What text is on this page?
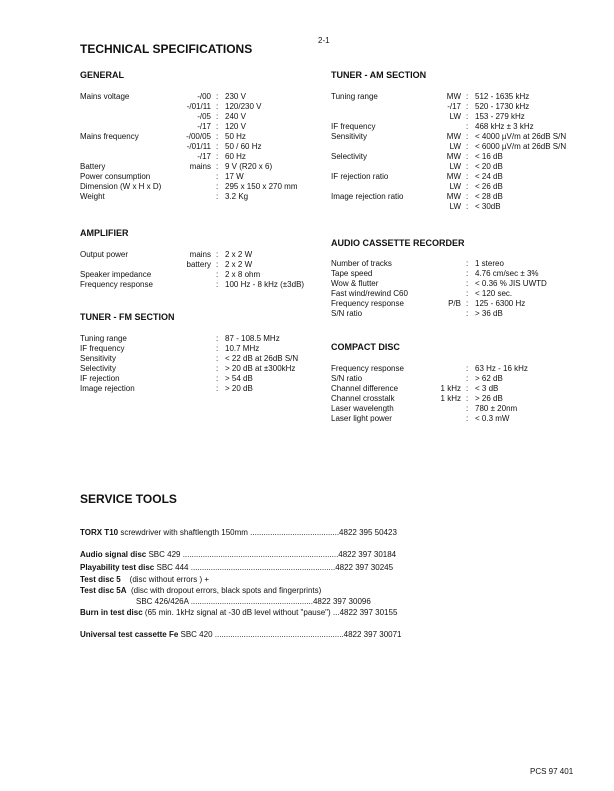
2-1
TECHNICAL SPECIFICATIONS
GENERAL
Mains voltage	-/00 : 230 V
-/01/11 : 120/230 V
-/05 : 240 V
-/17 : 120 V
Mains frequency	-/00/05 : 50 Hz
-/01/11 : 50 / 60 Hz
-/17 : 60 Hz
Battery	mains : 9 V (R20 x 6)
Power consumption	: 17 W
Dimension (W x H x D)	: 295 x 150 x 270 mm
Weight	: 3.2 Kg
AMPLIFIER
Output power	mains : 2 x 2 W
battery : 2 x 2 W
Speaker impedance	: 2 x 8 ohm
Frequency response	: 100 Hz - 8 kHz (±3dB)
TUNER - FM SECTION
Tuning range	: 87 - 108.5 MHz
IF frequency	: 10.7 MHz
Sensitivity	: < 22 dB at 26dB S/N
Selectivity	: > 20 dB at ±300kHz
IF rejection	: > 54 dB
Image rejection	: > 20 dB
TUNER - AM SECTION
Tuning range	MW : 512 - 1635 kHz
-/17 : 520 - 1730 kHz
LW : 153 - 279 kHz
IF frequency	: 468 kHz ± 3 kHz
Sensitivity	MW : < 4000 µV/m at 26dB S/N
LW : < 6000 µV/m at 26dB S/N
Selectivity	MW : < 16 dB
LW : < 20 dB
IF rejection ratio	MW : < 24 dB
LW : < 26 dB
Image rejection ratio	MW : < 28 dB
LW : < 30dB
AUDIO CASSETTE RECORDER
Number of tracks	: 1 stereo
Tape speed	: 4.76 cm/sec ± 3%
Wow & flutter	: < 0.36 % JIS UWTD
Fast wind/rewind C60	: < 120 sec.
Frequency response	P/B : 125 - 6300 Hz
S/N ratio	: > 36 dB
COMPACT DISC
Frequency response	: 63 Hz - 16 kHz
S/N ratio	: > 62 dB
Channel difference	1 kHz : < 3 dB
Channel crosstalk	1 kHz : > 26 dB
Laser wavelength	: 780 ± 20nm
Laser light power	: < 0.3 mW
SERVICE TOOLS
TORX T10 screwdriver with shaftlength 150mm ........................................4822 395 50423
Audio signal disc SBC 429 ......................................................................4822 397 30184
Playability test disc SBC 444 .................................................................4822 397 30245
Test disc 5    (disc without errors ) +
Test disc 5A  (disc with dropout errors, black spots and fingerprints)
SBC 426/426A .......................................................4822 397 30096
Burn in test disc (65 min. 1kHz signal at -30 dB level without "pause") ...4822 397 30155
Universal test cassette Fe SBC 420 ..........................................................4822 397 30071
PCS 97 401
